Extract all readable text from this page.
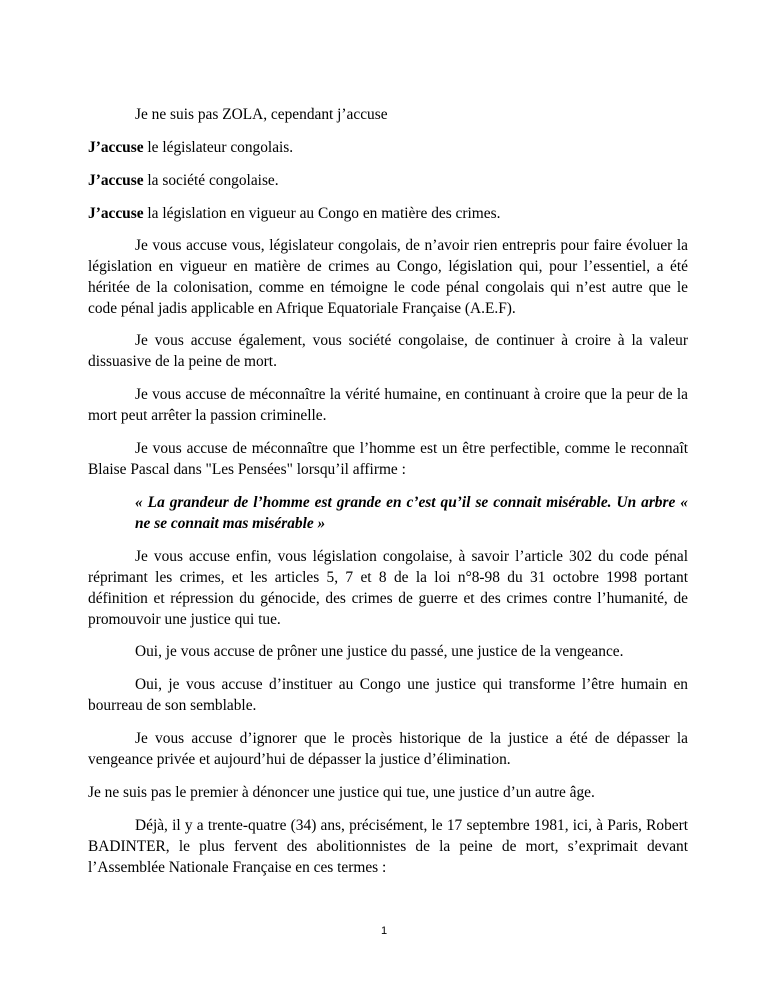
Je ne suis pas ZOLA, cependant j’accuse

J’accuse le législateur congolais.

J’accuse la société congolaise.

J’accuse la législation en vigueur au Congo en matière des crimes.

Je vous accuse vous, législateur congolais, de n’avoir rien entrepris pour faire évoluer la législation en vigueur en matière de crimes au Congo, législation qui, pour l’essentiel, a été héritée de la colonisation, comme en témoigne le code pénal congolais qui n’est autre que le code pénal jadis applicable en Afrique Equatoriale Française (A.E.F).

Je vous accuse également, vous société congolaise, de continuer à croire à la valeur dissuasive de la peine de mort.

Je vous accuse de méconnaître la vérité humaine, en continuant à croire que la peur de la mort peut arrêter la passion criminelle.

Je vous accuse de méconnaître que l’homme est un être perfectible, comme le reconnaît Blaise Pascal dans "Les Pensées" lorsqu’il affirme :

« La grandeur de l’homme est grande en c’est qu’il se connait misérable. Un arbre « ne se connait mas misérable »

Je vous accuse enfin, vous législation congolaise, à savoir l’article 302 du code pénal réprimant les crimes, et les articles 5, 7 et 8 de la loi n°8-98 du 31 octobre 1998 portant définition et répression du génocide, des crimes de guerre et des crimes contre l’humanité, de promouvoir une justice qui tue.

Oui, je vous accuse de prôner une justice du passé, une justice de la vengeance.

Oui, je vous accuse d’instituer au Congo une justice qui transforme l’être humain en bourreau de son semblable.

Je vous accuse d’ignorer que le procès historique de la justice a été de dépasser la vengeance privée et aujourd’hui de dépasser la justice d’élimination.

Je ne suis pas le premier à dénoncer une justice qui tue, une justice d’un autre âge.

Déjà, il y a trente-quatre (34) ans, précisément, le 17 septembre 1981, ici, à Paris, Robert BADINTER, le plus fervent des abolitionnistes de la peine de mort, s’exprimait devant l’Assemblée Nationale Française en ces termes :

1
